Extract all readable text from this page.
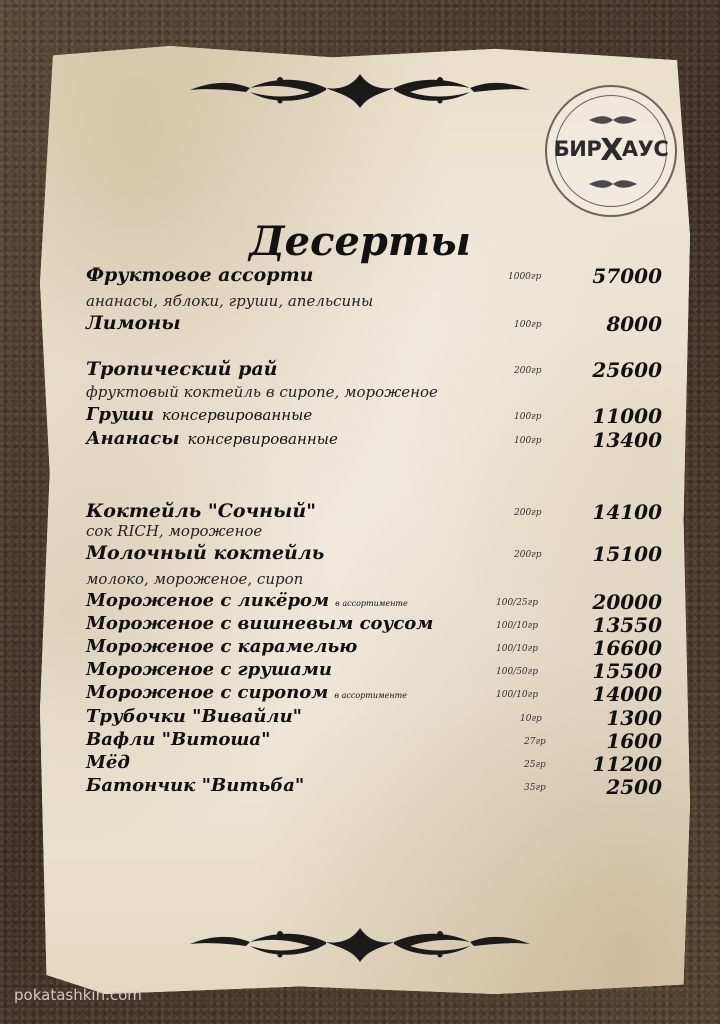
БИРХАУС
Десерты
Фруктовое ассорти	1000гр	57000
ананасы, яблоки, груши, апельсины
Лимоны	100гр	8000
Тропический рай	200гр	25600
фруктовый коктейль в сиропе, мороженое
Груши консервированные	100гр	11000
Ананасы консервированные	100гр	13400
Коктейль "Сочный"	200гр	14100
сок RICH, мороженое
Молочный коктейль	200гр	15100
молоко, мороженое, сироп
Мороженое с ликёром в ассортименте	100/25гр	20000
Мороженое с вишневым соусом	100/10гр	13550
Мороженое с карамелью	100/10гр	16600
Мороженое с грушами	100/50гр	15500
Мороженое с сиропом в ассортименте	100/10гр	14000
Трубочки "Вивайли"	10гр	1300
Вафли "Витоша"	27гр	1600
Мёд	25гр 11200
Батончик "Витьба"	35гр	2500
pokatashkin.com
